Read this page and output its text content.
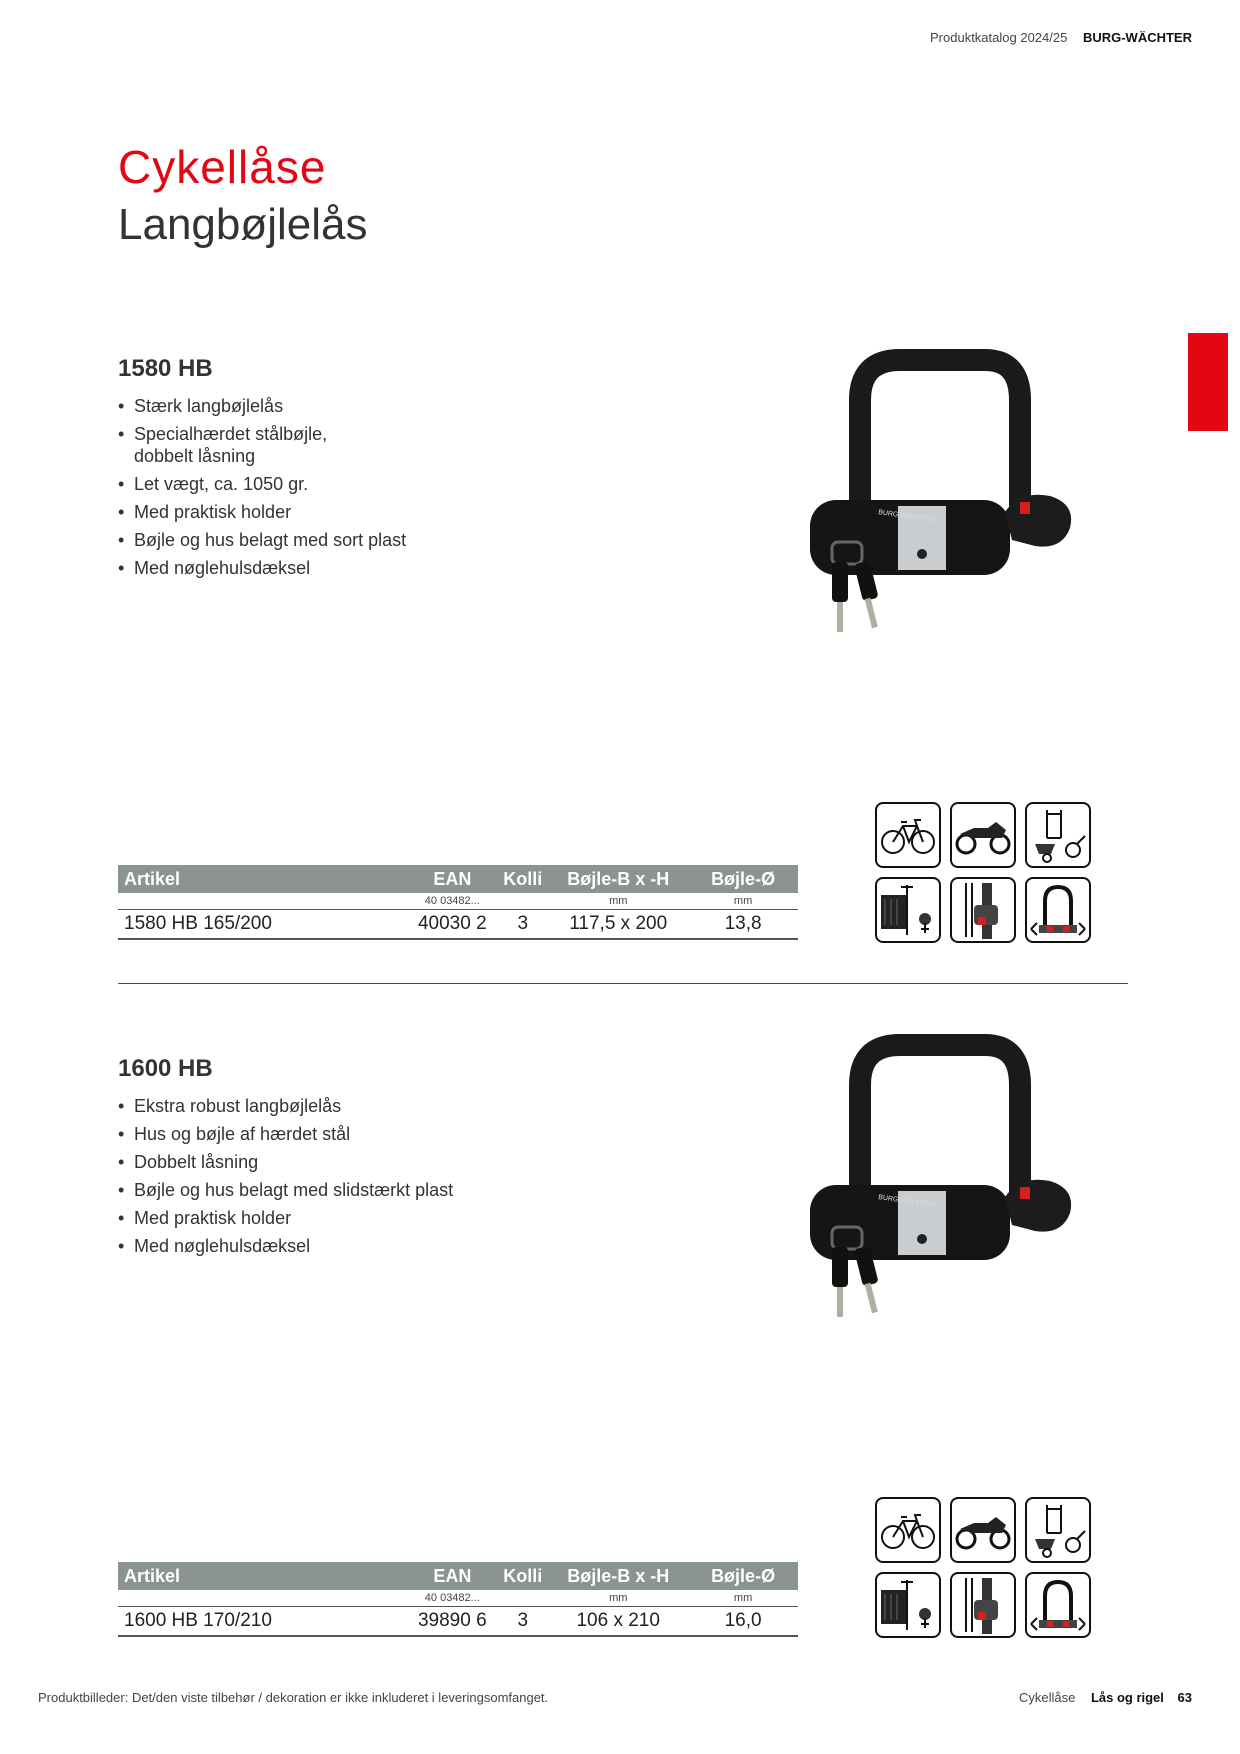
Produktkatalog 2024/25 BURG-WÄCHTER
Cykellåse
Langbøjlelås
1580 HB
• Stærk langbøjlelås
• Specialhærdet stålbøjle,
dobbelt låsning
• Let vægt, ca. 1050 gr.
• Med praktisk holder
• Bøjle og hus belagt med sort plast
• Med nøglehulsdæksel
BURG WÄCHTER
Artikel	EAN	Kolli	Bøjle-B x -H	Bøjle-Ø
	40 03482...		mm	mm
1580 HB 165/200	40030 2	3	117,5 x 200	13,8
1600 HB
• Ekstra robust langbøjlelås
• Hus og bøjle af hærdet stål
• Dobbelt låsning
• Bøjle og hus belagt med slidstærkt plast
• Med praktisk holder
• Med nøglehulsdæksel
BURG WÄCHTER
Artikel	EAN	Kolli	Bøjle-B x -H	Bøjle-Ø
	40 03482...		mm	mm
1600 HB 170/210	39890 6	3	106 x 210	16,0
Produktbilleder: Det/den viste tilbehør / dekoration er ikke inkluderet i leveringsomfanget.	Cykellåse Lås og rigel 63
